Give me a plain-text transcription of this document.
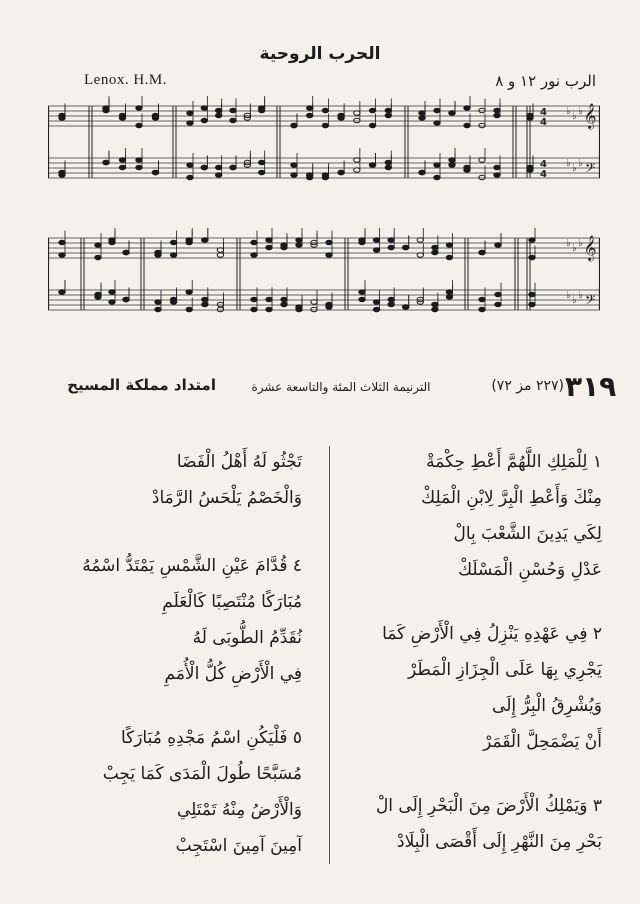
الحرب الروحية
Lenox. H.M.	الرب نور ١٢ و ٨
𝄞
♭ ♭ ♭
𝄢
♭ ♭ ♭
𝄞
♭ ♭ ♭
𝄢
♭ ♭ ♭
4
4
4
4
٣١٩
(٢٢٧ مز ٧٢)
الترنيمة الثلاث المئة والتاسعة عشرة
امتداد مملكة المسيح
١ لِلْمَلِكِ اللَّهُمَّ أَعْطِ حِكْمَةْ
مِنْكَ وَأَعْطِ الْبِرَّ لِابْنِ الْمَلِكْ
لِكَي يَدِينَ الشَّعْبَ بِالْ
عَدْلِ وَحُسْنِ الْمَسْلَكْ
٢ فِي عَهْدِهِ يَنْزِلُ فِي الْأَرْضِ كَمَا
يَجْرِي بِهَا عَلَى الْجِزَازِ الْمَطَرْ
وَيُشْرِقُ الْبِرُّ إِلَى
أَنْ يَضْمَحِلَّ الْقَمَرْ
٣ وَيَمْلِكُ الْأَرْضَ مِنَ الْبَحْرِ إِلَى الْ
بَحْرِ مِنَ النَّهْرِ إِلَى أَقْصَى الْبِلَادْ
تَجْثُو لَهُ أَهْلُ الْفَضَا
وَالْخَصْمُ يَلْحَسُ الرَّمَادْ
٤ قُدَّامَ عَيْنِ الشَّمْسِ يَمْتَدُّ اسْمُهُ
مُبَارَكًا مُنْتَصِبًا كَالْعَلَمِ
نُقَدِّمُ الطُّوبَى لَهُ
فِي الْأَرْضِ كُلُّ الْأُمَمِ
٥ فَلْيَكُنِ اسْمُ مَجْدِهِ مُبَارَكًا
مُسَبَّحًا طُولَ الْمَدَى كَمَا يَجِبْ
وَالْأَرْضُ مِنْهُ تَمْتَلِي
آمِينَ آمِينَ اسْتَجِبْ
